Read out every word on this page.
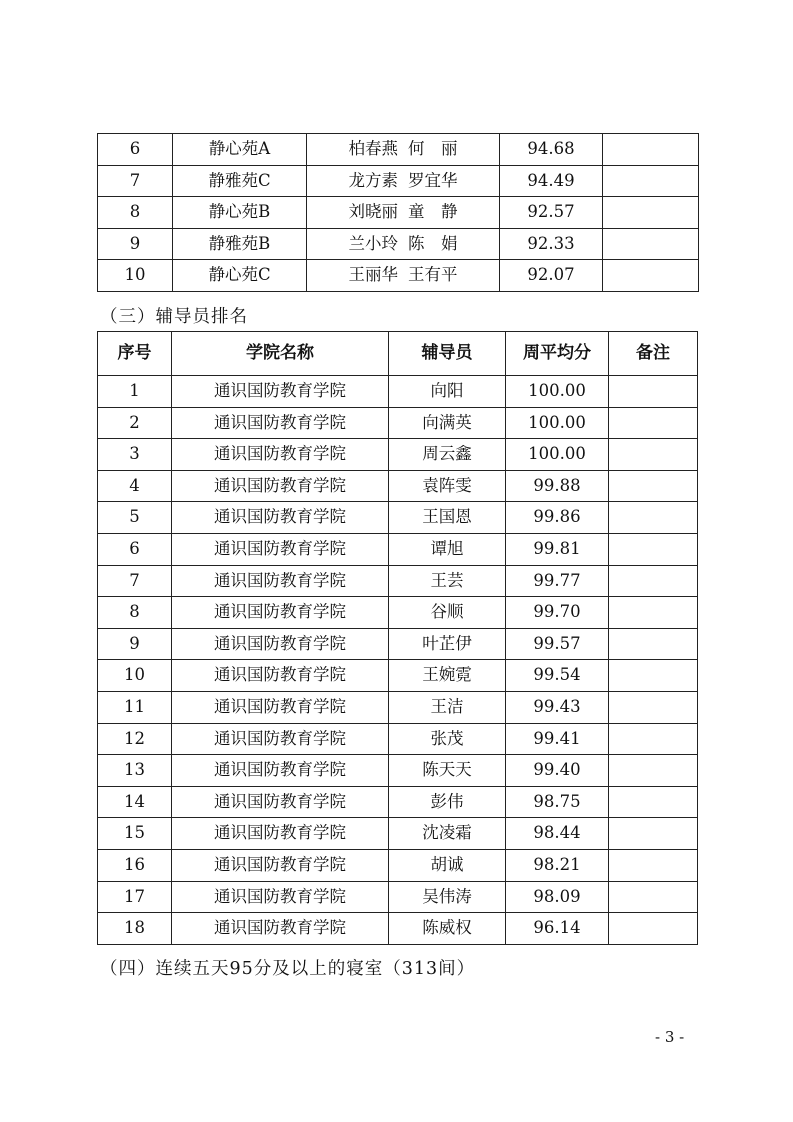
6	静心苑A	柏春燕 何　丽	94.68	
7	静雅苑C	龙方素 罗宜华	94.49	
8	静心苑B	刘晓丽 童　静	92.57	
9	静雅苑B	兰小玲 陈　娟	92.33	
10	静心苑C	王丽华 王有平	92.07	
（三）辅导员排名
序号	学院名称	辅导员	周平均分	备注
1	通识国防教育学院	向阳	100.00	
2	通识国防教育学院	向满英	100.00	
3	通识国防教育学院	周云鑫	100.00	
4	通识国防教育学院	袁阵雯	99.88	
5	通识国防教育学院	王国恩	99.86	
6	通识国防教育学院	谭旭	99.81	
7	通识国防教育学院	王芸	99.77	
8	通识国防教育学院	谷顺	99.70	
9	通识国防教育学院	叶芷伊	99.57	
10	通识国防教育学院	王婉霓	99.54	
11	通识国防教育学院	王洁	99.43	
12	通识国防教育学院	张茂	99.41	
13	通识国防教育学院	陈天天	99.40	
14	通识国防教育学院	彭伟	98.75	
15	通识国防教育学院	沈凌霜	98.44	
16	通识国防教育学院	胡诚	98.21	
17	通识国防教育学院	吴伟涛	98.09	
18	通识国防教育学院	陈威权	96.14	
（四）连续五天95分及以上的寝室（313间）
- 3 -
